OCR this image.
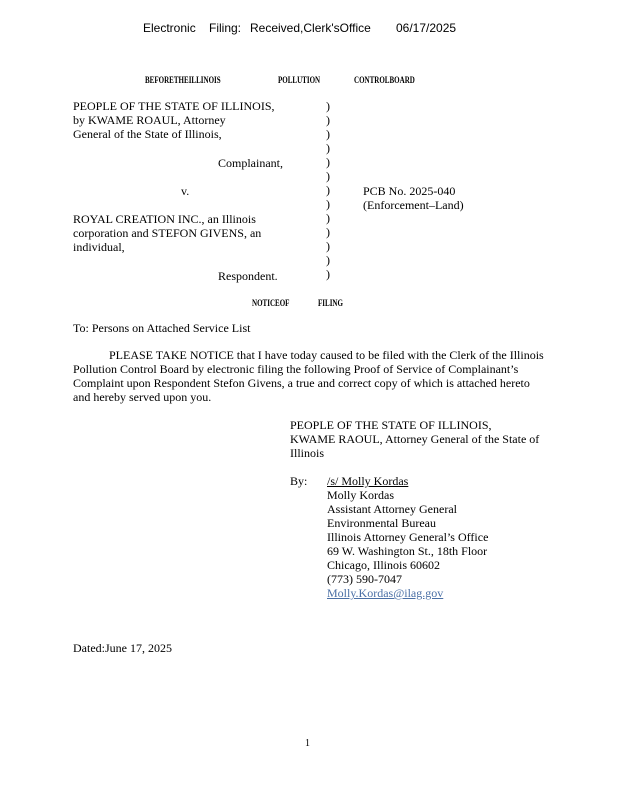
Electronic Filing: Received,Clerk'sOffice 06/17/2025
BEFORETHEILLINOIS	POLLUTION	CONTROLBOARD
PEOPLE OF THE STATE OF ILLINOIS,
by KWAME ROAUL, Attorney
General of the State of Illinois,
Complainant,
v.
ROYAL CREATION INC., an Illinois
corporation and STEFON GIVENS, an
individual,
Respondent.
)
)
)
)
)
)
)
)
)
)
)
)
)
PCB No. 2025-040
(Enforcement–Land)
NOTICEOF	FILING
To: Persons on Attached Service List
PLEASE TAKE NOTICE that I have today caused to be filed with the Clerk of the Illinois
Pollution Control Board by electronic filing the following Proof of Service of Complainant’s
Complaint upon Respondent Stefon Givens, a true and correct copy of which is attached hereto
and hereby served upon you.
PEOPLE OF THE STATE OF ILLINOIS,
KWAME RAOUL, Attorney General of the State of
Illinois
By: /s/ Molly Kordas
Molly Kordas
Assistant Attorney General
Environmental Bureau
Illinois Attorney General’s Office
69 W. Washington St., 18th Floor
Chicago, Illinois 60602
(773) 590-7047
Molly.Kordas@ilag.gov
Dated:June 17, 2025
1
